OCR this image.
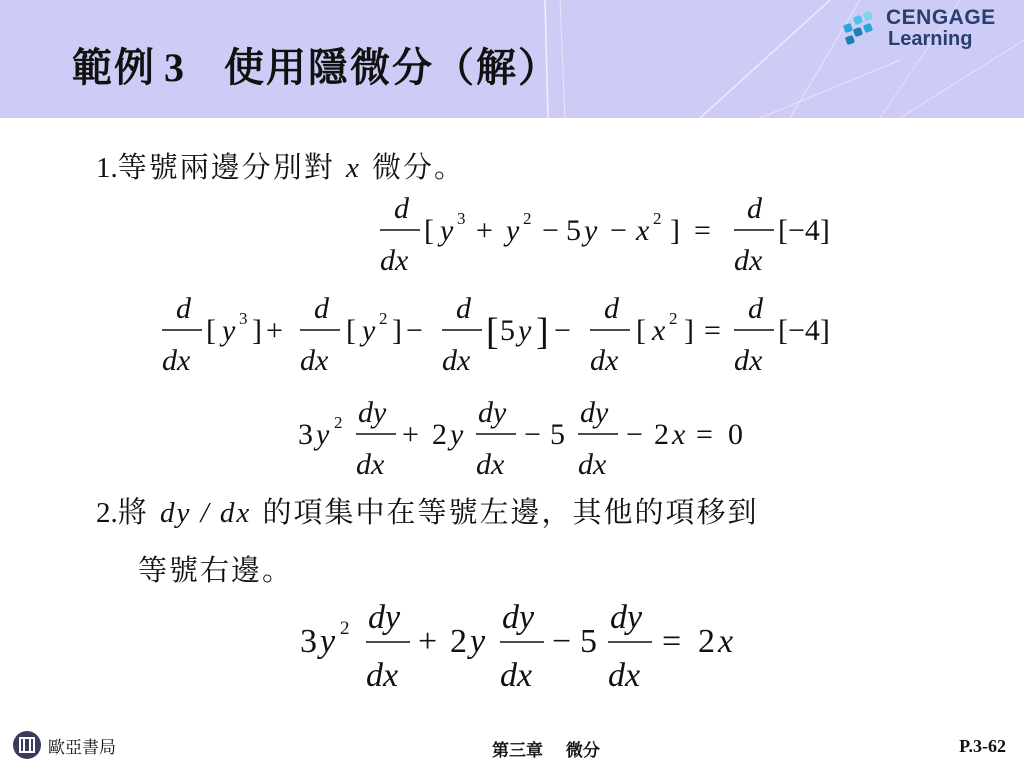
範例 3 使用隱微分（解）
CENGAGE
Learning
1.等號兩邊分別對 x 微分。
d
dx
[ y 3 + y 2 − 5 y − x 2 ] =
d
dx
[−4]
d
dx
[ y 3 ] +
d
dx
[ y 2 ] −
d
dx
[ 5 y ] −
d
dx
[ x 2 ] =
d
dx
[−4]
3 y 2 dy
dx
+ 2 y
dy
dx
− 5
dy
dx
− 2 x = 0
2.將 dy / dx 的項集中在等號左邊，其他的項移到
等號右邊。
3 y 2 dy
dx
+ 2 y
dy
dx
− 5
dy
dx
= 2 x
歐亞書局	第三章　 微分	P.3-62
